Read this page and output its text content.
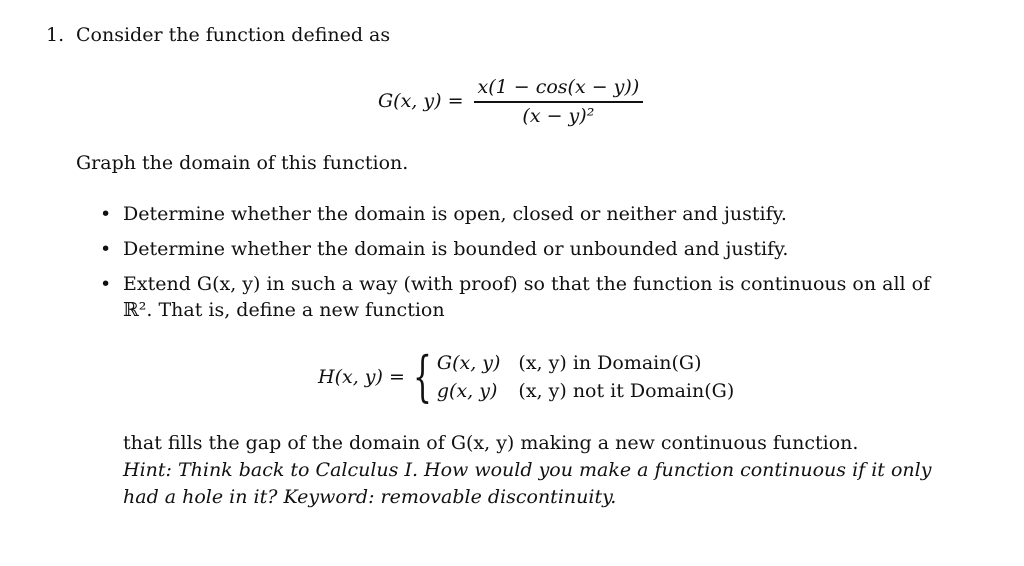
1. Consider the function defined as
G(x, $y) = \frac{x(1 - \cos(x - y))}{\text{(x − y)²}}$
Graph the domain of this function.
• Determine whether the domain is open, closed or neither and justify.
• Determine whether the domain is bounded or unbounded and justify.
• Extend G(x, y) in such a way (with proof) so that the function is continuous on all of
ℝ². That is, define a new function
H(x, y) = { G(x, y) (x, y) in Domain(G)
g(x, y) (x, y) not it Domain(G)
that fills the gap of the domain of G(x, y) making a new continuous function.
Hint: Think back to Calculus I. How would you make a function continuous if it only
had a hole in it? Keyword: removable discontinuity.
